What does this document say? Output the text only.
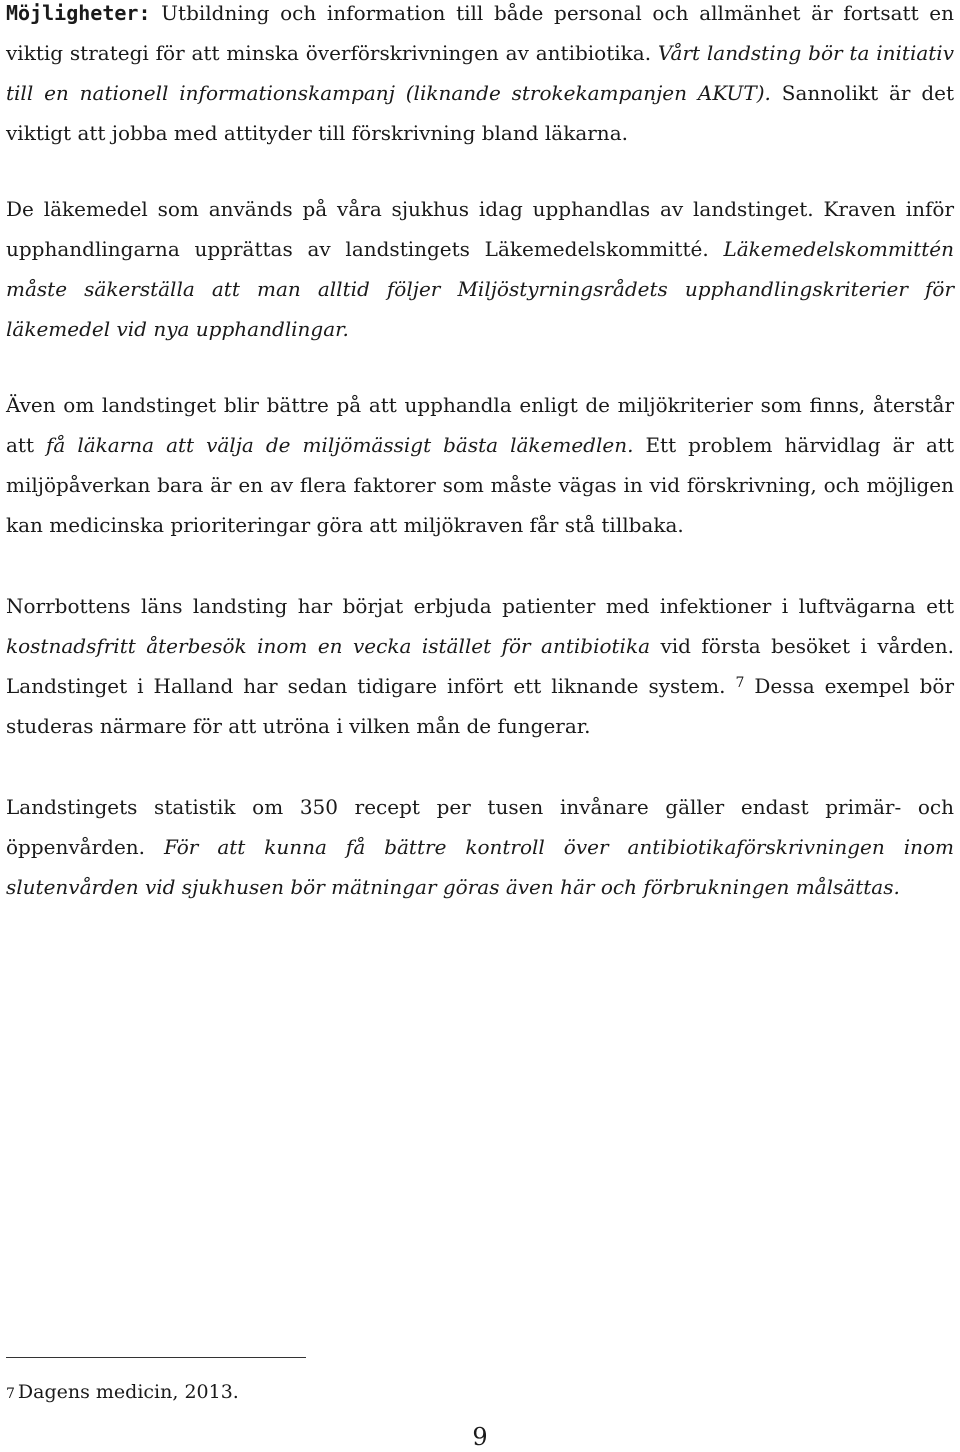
Möjligheter: Utbildning och information till både personal och allmänhet är fortsatt en viktig strategi för att minska överförskrivningen av antibiotika. Vårt landsting bör ta initiativ till en nationell informationskampanj (liknande strokekampanjen AKUT). Sannolikt är det viktigt att jobba med attityder till förskrivning bland läkarna.

De läkemedel som används på våra sjukhus idag upphandlas av landstinget. Kraven inför upphandlingarna upprättas av landstingets Läkemedelskommitté. Läkemedelskommittén måste säkerställa att man alltid följer Miljöstyrningsrådets upphandlingskriterier för läkemedel vid nya upphandlingar.

Även om landstinget blir bättre på att upphandla enligt de miljökriterier som finns, återstår att få läkarna att välja de miljömässigt bästa läkemedlen. Ett problem härvidlag är att miljöpåverkan bara är en av flera faktorer som måste vägas in vid förskrivning, och möjligen kan medicinska prioriteringar göra att miljökraven får stå tillbaka.

Norrbottens läns landsting har börjat erbjuda patienter med infektioner i luftvägarna ett kostnadsfritt återbesök inom en vecka istället för antibiotika vid första besöket i vården. Landstinget i Halland har sedan tidigare infört ett liknande system. $^7$ Dessa exempel bör studeras närmare för att utröna i vilken mån de fungerar.

Landstingets statistik om 350 recept per tusen invånare gäller endast primär- och öppenvården. För att kunna få bättre kontroll över antibiotikaförskrivningen inom slutenvården vid sjukhusen bör mätningar göras även här och förbrukningen målsättas.

7 Dagens medicin, 2013.

9
